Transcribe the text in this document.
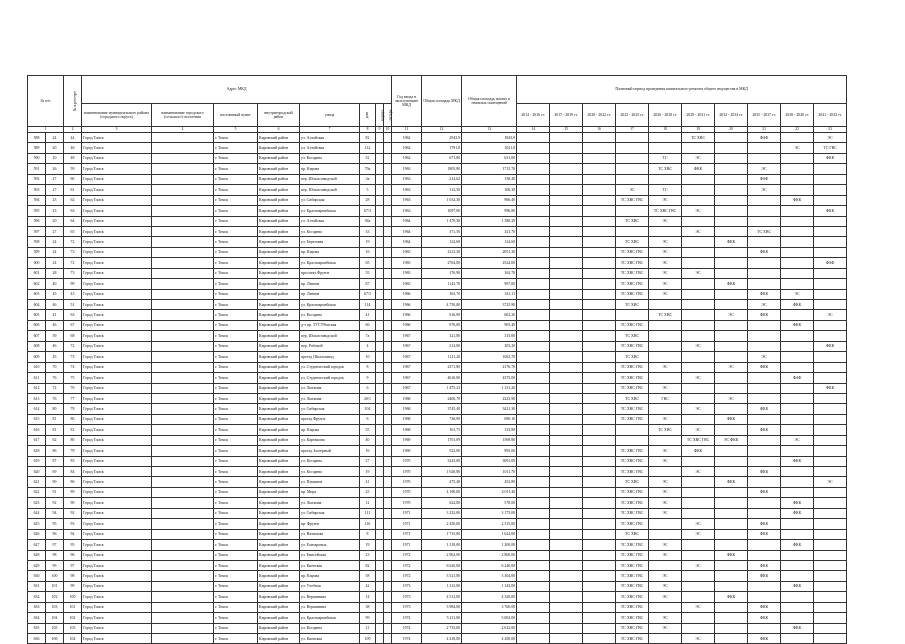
№ п/п		№ в реестре	Адрес МКД								Год ввода в эксплуатацию МКД	Общая площадь МКД	Общая площадь жилых и нежилых помещений	Плановый период проведения капитального ремонта общего имущества в МКД										
			наименование муниципального района (городского округа)	наименование городского (сельского) поселения	населенный пункт	внутригородской район	улица	дом	корпус	литера				2014 - 2016 гг.	2017 - 2019 гг.	2020 - 2022 гг.	2023 - 2025 гг.	2026 - 2028 гг.	2029 - 2031 гг.	2032 - 2034 гг.	2035 - 2037 гг.	2038 - 2040 гг.	2041 - 2043 гг.	
1		2	3	4	5	6	7	8	9	10	11	12	13	14	15	16	17	18	19	20	21	22	23		
588	24	44	Город Томск		г. Томск	Кировский район	ул. Алтайская	82			1962	2943,9	1843,9						ТС ХВС		ФАФ		ЭС	
589	20	46	Город Томск		г. Томск	Кировский район	ул. Алтайская	112			1962	1791,8	1021,8									ЭС	ТС ГВС	
590	10	48	Город Томск		г. Томск	Кировский район	ул. Косарева	32			1962	671,00	631,00					ТС	ЭС				ФКК	
591	26	59	Город Томск		г. Томск	Кировский район	пр. Кирова	70а			1963	1805,80	1715,70					ТС ХВС	ФКК		ЭС			
592	27	60	Город Томск		г. Томск	Кировский район	пер. Шпалозаводской	3а			1963	214,62	158,40								ФАФ			
593	27	61	Город Томск		г. Томск	Кировский район	пер. Шпалозаводской	5			1963	112,50	106,30				ЭС	ТС			ЭС			
594	23	62	Город Томск		г. Томск	Кировский район	ул. Сибирская	28			1963	1 032,30	966,40				ТС ХВС ГВС	ЭС				ФКК		
595	23	63	Город Томск		г. Томск	Кировский район	ул. Красноармейская	67/3			1963	1097,00	996,80					ТС ХВС ГВС	ЭС				ФКК	
596	20	64	Город Томск		г. Томск	Кировский район	ул. Алтайская	94а			1964	1 470,30	1 380,20				ТС ХВС	ЭС						
597	27	65	Город Томск		г. Томск	Кировский район	ул. Косарева	33			1964	371,50	321,70						ЭС		ТС ХВС			
598	24	72	Город Томск		г. Томск	Кировский район	ул. Березовая	19			1964	124,60	124,60				ТС ХВС	ЭС		ФКК				
599	24	73	Город Томск		г. Томск	Кировский район	пр. Кирова	16			1965	2212,30	2051,30				ТС ХВС ГВС	ЭС			ФКК			
600	24	72	Город Томск		г. Томск	Кировский район	ул. Красноармейская	65			1965	2764,00	2524,00				ТС ХВС ГВС	ЭС					ФАФ	
601	28	73	Город Томск		г. Томск	Кировский район	проспект Фрунзе	55			1965	176,90	162,70				ТС ХВС ГВС	ЭС	ЭС					
602	40	99	Город Томск		г. Томск	Кировский район	пр. Ленина	87			1965	1143,70	997,00				ТС ХВС ГВС	ЭС		ФКК				
603	45	43	Город Томск		г. Томск	Кировский район	пр. Ленина	67/3			1966	363,70	341,11				ТС ХВС ГВС	ЭС			ФКК	ЭС		
604	46	51	Город Томск		г. Томск	Кировский район	ул. Красноармейская	114			1966	4 750,00	3725,90				ТС ХВС				ЭС	ФКК		
605	41	63	Город Томск		г. Томск	Кировский район	ул. Косарева	41			1966	616,90	602,20					ТС ХВС		ЭС	ФКК		ЭС	
606	46	67	Город Томск		г. Томск	Кировский район	д-т пр. ТУСУРовская	66			1966	976,00	905,40				ТС ХВС ГВС					ФКК		
607	39	68	Город Томск		г. Томск	Кировский район	пер. Шпалозаводской	7а			1967	321,00	315,00				ТС ХВС							
608	46	72	Город Томск		г. Томск	Кировский район	пер. Рабочий	4			1967	214,00	203,20				ТС ХВС ГВС		ЭС				ФКК	
609	45	73	Город Томск		г. Томск	Кировский район	проезд Шпалозавод	10			1967	1121,20	1062,70				ТС ХВС				ЭС			
610	70	74	Город Томск		г. Томск	Кировский район	ул. Студенческий городок	8			1967	2371,80	2176,70				ТС ХВС ГВС	ЭС		ЭС	ФКК			
611	76	75	Город Томск		г. Томск	Кировский район	ул. Студенческий городок	9			1967	4616,00	4375,00				ТС ХВС ГВС		ЭС			ФАФ		
612	72	76	Город Томск		г. Томск	Кировский район	ул. Лыткина	6			1967	1 475,23	1 131,20				ТС ХВС ГВС	ЭС					ФКК	
613	76	77	Город Томск		г. Томск	Кировский район	ул. Лыткина	20/1			1968	2406,70	2223,90				ТС ХВС	ГВС		ЭС				
614	80	78	Город Томск		г. Томск	Кировский район	ул. Сибирская	104			1968	3745,40	3421,30				ТС ХВС ГВС		ЭС		ФКК			
615	81	80	Город Томск		г. Томск	Кировский район	проезд Фрунзе	6			1968	736,90	690,10				ТС ХВС ГВС	ЭС		ФКК				
616	81	81	Город Томск		г. Томск	Кировский район	пр. Кирова	55			1968	161,75	133,90					ТС ХВС	ЭС		ФКК			
617	62	80	Город Томск		г. Томск	Кировский район	ул. Карташова	40			1969	1701,09	1569,80						ТС ХВС ГВС	ЭС ФКК		ЭС		
618	86	78	Город Томск		г. Томск	Кировский район	проезд Заозерный	16			1969	922,00	895,00				ТС ХВС ГВС	ЭС	ФКК					
619	87	83	Город Томск		г. Томск	Кировский район	ул. Косарева	27			1970	3243,00	3091,00				ТС ХВС ГВС	ЭС				ФКК		
620	69	84	Город Томск		г. Томск	Кировский район	ул. Косарева	19			1970	1 020,00	1011,70				ТС ХВС ГВС		ЭС		ФКК			
621	90	86	Город Томск		г. Томск	Кировский район	ул. Пушкина	41			1970	475,40	452,80				ТС ХВС	ЭС		ФКК			ЭС	
622	91	89	Город Томск		г. Томск	Кировский район	пр. Мира	25			1970	4 190,00	4 011,40				ТС ХВС ГВС	ЭС			ФКК			
623	92	90	Город Томск		г. Томск	Кировский район	ул. Лыткина	12			1970	622,00	578,00				ТС ХВС ГВС	ЭС				ФКК		
624	94	92	Город Томск		г. Томск	Кировский район	ул. Сибирская	111			1971	3 232,00	3 175,00				ТС ХВС ГВС	ЭС				ФКК		
625	95	93	Город Томск		г. Томск	Кировский район	пр. Фрунзе	116			1971	2 450,00	2 315,00				ТС ХВС ГВС		ЭС		ФКК			
626	96	94	Город Томск		г. Томск	Кировский район	ул. Нахимова	8			1971	1 715,00	1 624,00				ТС ХВС		ЭС		ФКК			
627	97	95	Город Томск		г. Томск	Кировский район	ул. Елизаровых	19			1971	1 318,00	1 200,00				ТС ХВС ГВС	ЭС				ФКК		
628	98	96	Город Томск		г. Томск	Кировский район	ул. Енисейская	23			1972	2 962,00	2 860,00				ТС ХВС ГВС	ЭС		ФКК				
629	99	97	Город Томск		г. Томск	Кировский район	ул. Киевская	82			1972	6 620,00	6 240,00				ТС ХВС ГВС		ЭС		ФКК			
630	100	98	Город Томск		г. Томск	Кировский район	пр. Кирова	58			1972	3 521,00	3 304,00				ТС ХВС ГВС	ЭС			ФКК			
631	101	99	Город Томск		г. Томск	Кировский район	ул. Учебная	42			1973	1 212,00	1 143,00				ТС ХВС ГВС	ЭС				ФКК		
632	102	100	Город Томск		г. Томск	Кировский район	ул. Вершинина	14			1973	4 512,00	4 320,00				ТС ХВС ГВС	ЭС		ФКК				
633	103	101	Город Томск		г. Томск	Кировский район	ул. Вершинина	38			1973	3 984,00	3 760,00				ТС ХВС ГВС		ЭС		ФКК			
634	104	102	Город Томск		г. Томск	Кировский район	ул. Красноармейская	99			1974	5 211,00	5 002,00				ТС ХВС ГВС	ЭС			ФКК			
635	105	103	Город Томск		г. Томск	Кировский район	ул. Косарева	11			1974	2 733,00	2 612,00				ТС ХВС ГВС	ЭС				ФКК		
636	106	104	Город Томск		г. Томск	Кировский район	ул. Киевская	109			1974	4 418,00	4 200,00				ТС ХВС ГВС		ЭС		ФКК			
